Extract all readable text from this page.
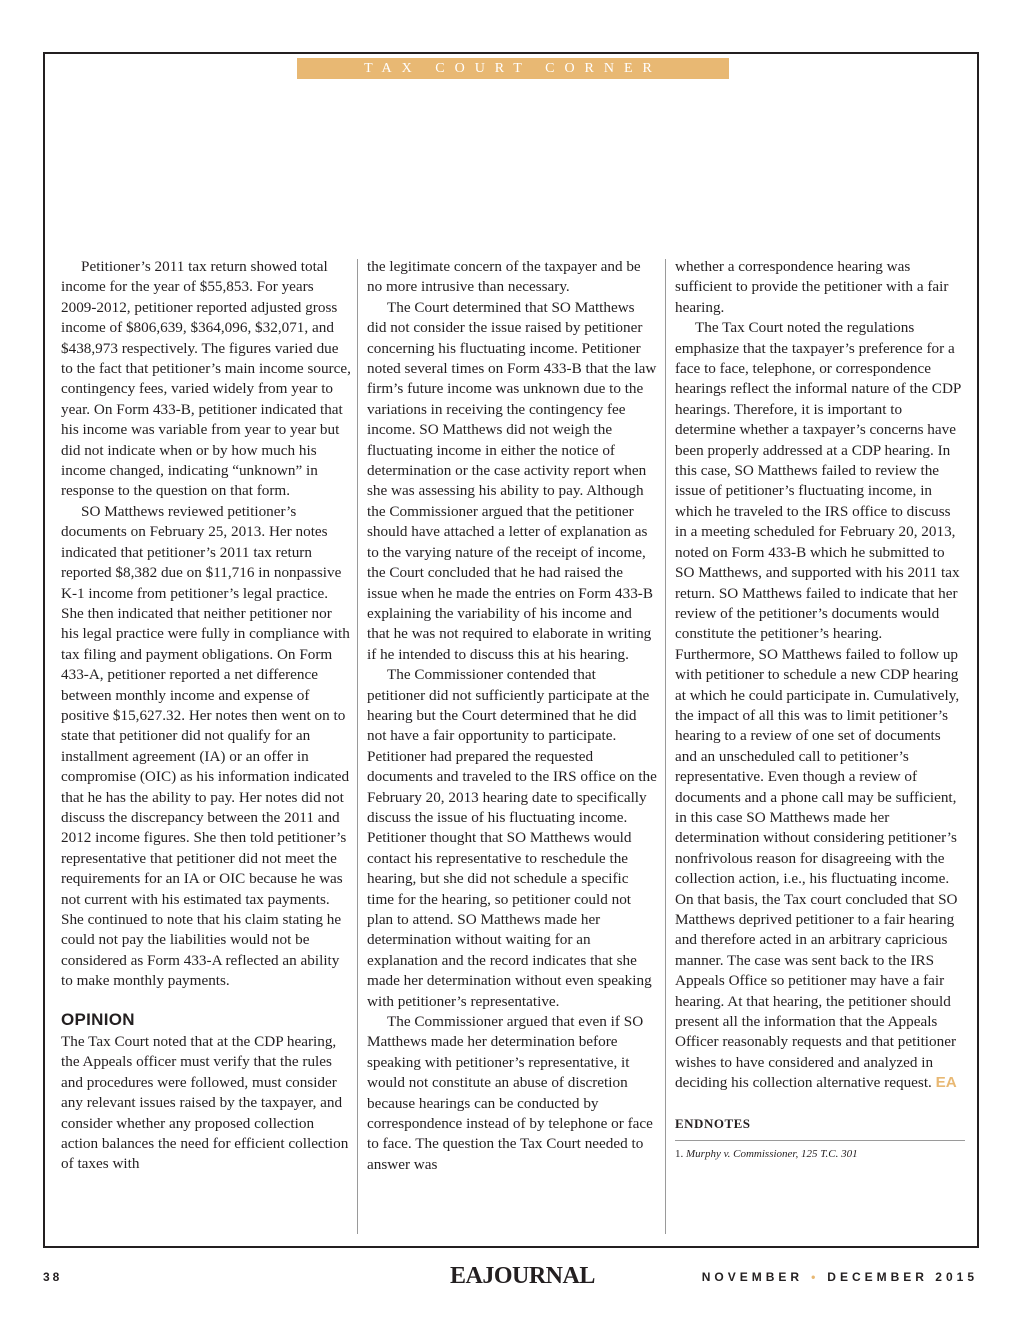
TAX COURT CORNER

Petitioner’s 2011 tax return showed total income for the year of $55,853. For years 2009-2012, petitioner reported adjusted gross income of $806,639, $364,096, $32,071, and $438,973 respectively. The figures varied due to the fact that petitioner’s main income source, contingency fees, varied widely from year to year. On Form 433-B, petitioner indicated that his income was variable from year to year but did not indicate when or by how much his income changed, indicating “unknown” in response to the question on that form.

SO Matthews reviewed petitioner’s documents on February 25, 2013. Her notes indicated that petitioner’s 2011 tax return reported $8,382 due on $11,716 in nonpassive K-1 income from petitioner’s legal practice. She then indicated that neither petitioner nor his legal practice were fully in compliance with tax filing and payment obligations. On Form 433-A, petitioner reported a net difference between monthly income and expense of positive $15,627.32. Her notes then went on to state that petitioner did not qualify for an installment agreement (IA) or an offer in compromise (OIC) as his information indicated that he has the ability to pay. Her notes did not discuss the discrepancy between the 2011 and 2012 income figures. She then told petitioner’s representative that petitioner did not meet the requirements for an IA or OIC because he was not current with his estimated tax payments. She continued to note that his claim stating he could not pay the liabilities would not be considered as Form 433-A reflected an ability to make monthly payments.

OPINION

The Tax Court noted that at the CDP hearing, the Appeals officer must verify that the rules and procedures were followed, must consider any relevant issues raised by the taxpayer, and consider whether any proposed collection action balances the need for efficient collection of taxes with

the legitimate concern of the taxpayer and be no more intrusive than necessary.

The Court determined that SO Matthews did not consider the issue raised by petitioner concerning his fluctuating income. Petitioner noted several times on Form 433-B that the law firm’s future income was unknown due to the variations in receiving the contingency fee income. SO Matthews did not weigh the fluctuating income in either the notice of determination or the case activity report when she was assessing his ability to pay. Although the Commissioner argued that the petitioner should have attached a letter of explanation as to the varying nature of the receipt of income, the Court concluded that he had raised the issue when he made the entries on Form 433-B explaining the variability of his income and that he was not required to elaborate in writing if he intended to discuss this at his hearing.

The Commissioner contended that petitioner did not sufficiently participate at the hearing but the Court determined that he did not have a fair opportunity to participate. Petitioner had prepared the requested documents and traveled to the IRS office on the February 20, 2013 hearing date to specifically discuss the issue of his fluctuating income. Petitioner thought that SO Matthews would contact his representative to reschedule the hearing, but she did not schedule a specific time for the hearing, so petitioner could not plan to attend. SO Matthews made her determination without waiting for an explanation and the record indicates that she made her determination without even speaking with petitioner’s representative.

The Commissioner argued that even if SO Matthews made her determination before speaking with petitioner’s representative, it would not constitute an abuse of discretion because hearings can be conducted by correspondence instead of by telephone or face to face. The question the Tax Court needed to answer was

whether a correspondence hearing was sufficient to provide the petitioner with a fair hearing.

The Tax Court noted the regulations emphasize that the taxpayer’s preference for a face to face, telephone, or correspondence hearings reflect the informal nature of the CDP hearings. Therefore, it is important to determine whether a taxpayer’s concerns have been properly addressed at a CDP hearing. In this case, SO Matthews failed to review the issue of petitioner’s fluctuating income, in which he traveled to the IRS office to discuss in a meeting scheduled for February 20, 2013, noted on Form 433-B which he submitted to SO Matthews, and supported with his 2011 tax return. SO Matthews failed to indicate that her review of the petitioner’s documents would constitute the petitioner’s hearing. Furthermore, SO Matthews failed to follow up with petitioner to schedule a new CDP hearing at which he could participate in. Cumulatively, the impact of all this was to limit petitioner’s hearing to a review of one set of documents and an unscheduled call to petitioner’s representative. Even though a review of documents and a phone call may be sufficient, in this case SO Matthews made her determination without considering petitioner’s nonfrivolous reason for disagreeing with the collection action, i.e., his fluctuating income. On that basis, the Tax court concluded that SO Matthews deprived petitioner to a fair hearing and therefore acted in an arbitrary capricious manner. The case was sent back to the IRS Appeals Office so petitioner may have a fair hearing. At that hearing, the petitioner should present all the information that the Appeals Officer reasonably requests and that petitioner wishes to have considered and analyzed in deciding his collection alternative request. EA

ENDNOTES
1. Murphy v. Commissioner, 125 T.C. 301
38	EAJOURNAL	NOVEMBER • DECEMBER 2015
